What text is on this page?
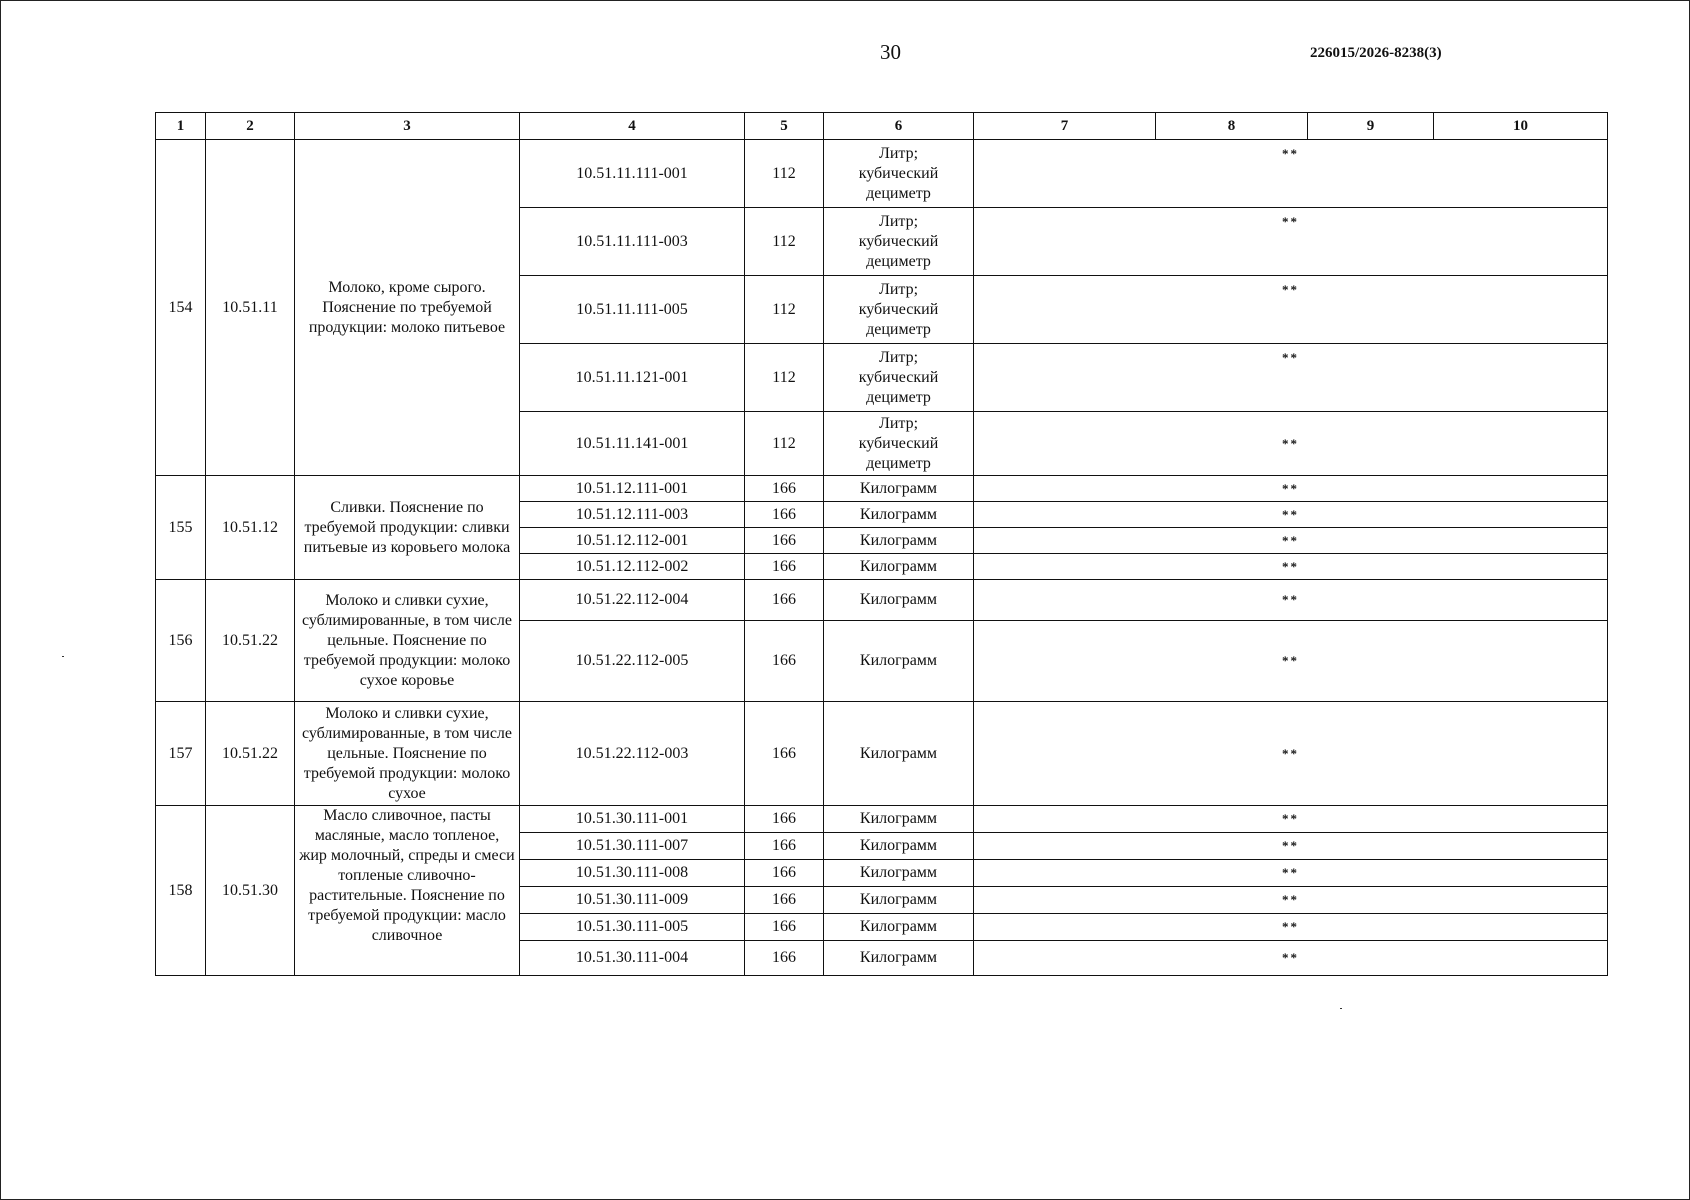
30	226015/2026-8238(3)
1	2	3	4	5	6	7	8	9	10
154	10.51.11	Молоко, кроме сырого. Пояснение по требуемой продукции: молоко питьевое	10.51.11.111-001	112	Литр;
кубический
дециметр	**			
			10.51.11.111-003	112	Литр;
кубический
дециметр	**			
			10.51.11.111-005	112	Литр;
кубический
дециметр	**			
			10.51.11.121-001	112	Литр;
кубический
дециметр	**			
			10.51.11.141-001	112	Литр;
кубический
дециметр	**			
155	10.51.12	Сливки. Пояснение по требуемой продукции: сливки питьевые из коровьего молока	10.51.12.111-001	166	Килограмм	**			
			10.51.12.111-003	166	Килограмм	**			
			10.51.12.112-001	166	Килограмм	**			
			10.51.12.112-002	166	Килограмм	**			
156	10.51.22	Молоко и сливки сухие, сублимированные, в том числе цельные. Пояснение по требуемой продукции: молоко сухое коровье	10.51.22.112-004	166	Килограмм	**			
			10.51.22.112-005	166	Килограмм	**			
157	10.51.22	Молоко и сливки сухие, сублимированные, в том числе цельные. Пояснение по требуемой продукции: молоко сухое	10.51.22.112-003	166	Килограмм	**			
158	10.51.30	Масло сливочное, пасты масляные, масло топленое, жир молочный, спреды и смеси топленые сливочно-растительные. Пояснение по требуемой продукции: масло сливочное	10.51.30.111-001	166	Килограмм	**			
			10.51.30.111-007	166	Килограмм	**			
			10.51.30.111-008	166	Килограмм	**			
			10.51.30.111-009	166	Килограмм	**			
			10.51.30.111-005	166	Килограмм	**			
			10.51.30.111-004	166	Килограмм	**			
